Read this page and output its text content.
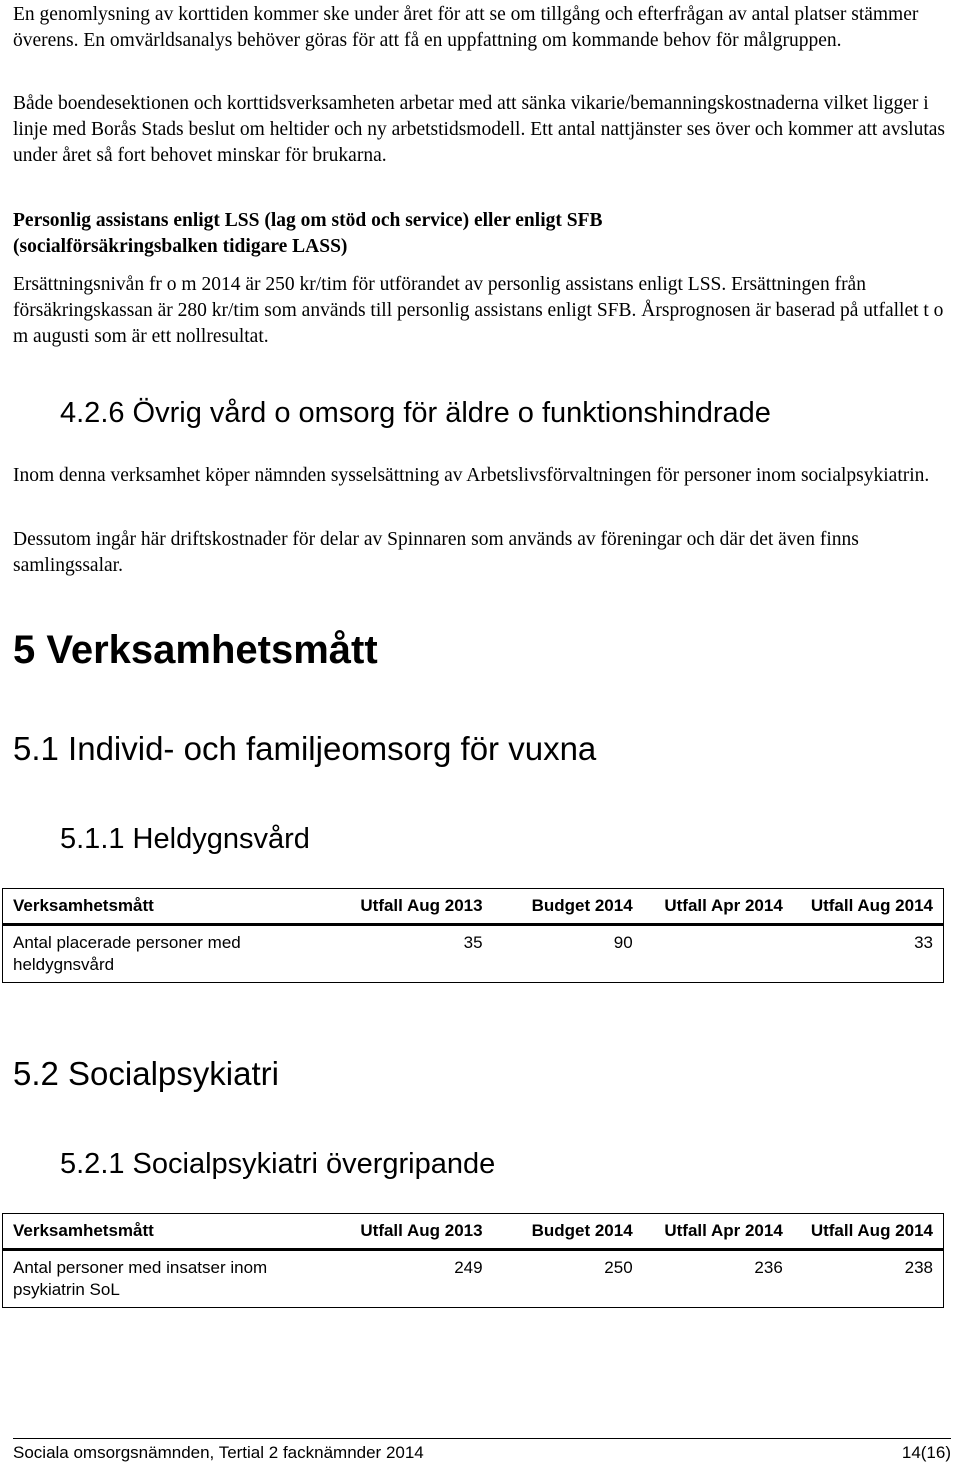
En genomlysning av korttiden kommer ske under året för att se om tillgång och efterfrågan av antal platser stämmer överens. En omvärldsanalys behöver göras för att få en uppfattning om kommande behov för målgruppen.

Både boendesektionen och korttidsverksamheten arbetar med att sänka vikarie/bemanningskostnaderna vilket ligger i linje med Borås Stads beslut om heltider och ny arbetstidsmodell. Ett antal nattjänster ses över och kommer att avslutas under året så fort behovet minskar för brukarna.

Personlig assistans enligt LSS (lag om stöd och service) eller enligt SFB (socialförsäkringsbalken tidigare LASS)

Ersättningsnivån fr o m 2014 är 250 kr/tim för utförandet av personlig assistans enligt LSS. Ersättningen från försäkringskassan är 280 kr/tim som används till personlig assistans enligt SFB. Årsprognosen är baserad på utfallet t o m augusti som är ett nollresultat.

4.2.6 Övrig vård o omsorg för äldre o funktionshindrade

Inom denna verksamhet köper nämnden sysselsättning av Arbetslivsförvaltningen för personer inom socialpsykiatrin.

Dessutom ingår här driftskostnader för delar av Spinnaren som används av föreningar och där det även finns samlingssalar.

5 Verksamhetsmått
5.1 Individ- och familjeomsorg för vuxna
5.1.1 Heldygnsvård
Verksamhetsmått	Utfall Aug 2013	Budget 2014	Utfall Apr 2014	Utfall Aug 2014
Antal placerade personer med heldygnsvård	35	90		33
5.2 Socialpsykiatri
5.2.1 Socialpsykiatri övergripande
Verksamhetsmått	Utfall Aug 2013	Budget 2014	Utfall Apr 2014	Utfall Aug 2014
Antal personer med insatser inom psykiatrin SoL	249	250	236	238
Sociala omsorgsnämnden, Tertial 2 facknämnder 2014	14(16)
